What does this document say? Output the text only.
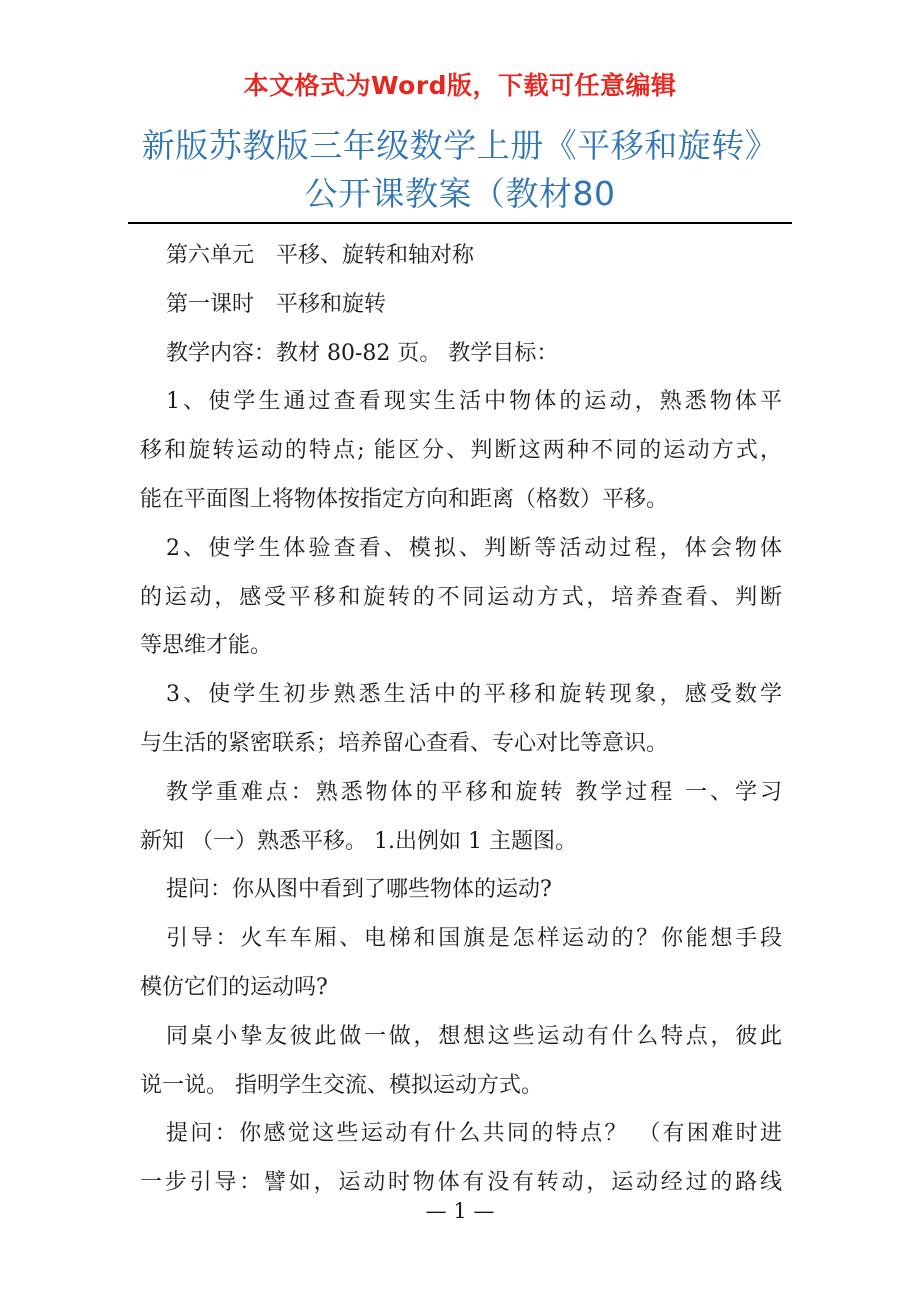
本文格式为Word版，下载可任意编辑
新版苏教版三年级数学上册《平移和旋转》
公开课教案（教材80
第六单元　平移、旋转和轴对称
第一课时　平移和旋转
教学内容：教材 80-82 页。 教学目标：
1、使学生通过查看现实生活中物体的运动，熟悉物体平
移和旋转运动的特点; 能区分、判断这两种不同的运动方式，
能在平面图上将物体按指定方向和距离（格数）平移。
2、使学生体验查看、模拟、判断等活动过程，体会物体
的运动，感受平移和旋转的不同运动方式，培养查看、判断
等思维才能。
3、使学生初步熟悉生活中的平移和旋转现象，感受数学
与生活的紧密联系；培养留心查看、专心对比等意识。
教学重难点：熟悉物体的平移和旋转 教学过程 一、学习
新知 （一）熟悉平移。 1.出例如 1 主题图。
提问：你从图中看到了哪些物体的运动?
引导：火车车厢、电梯和国旗是怎样运动的？你能想手段
模仿它们的运动吗?
同桌小挚友彼此做一做，想想这些运动有什么特点，彼此
说一说。 指明学生交流、模拟运动方式。
提问：你感觉这些运动有什么共同的特点？ （有困难时进
一步引导：譬如，运动时物体有没有转动，运动经过的路线
— 1 —
